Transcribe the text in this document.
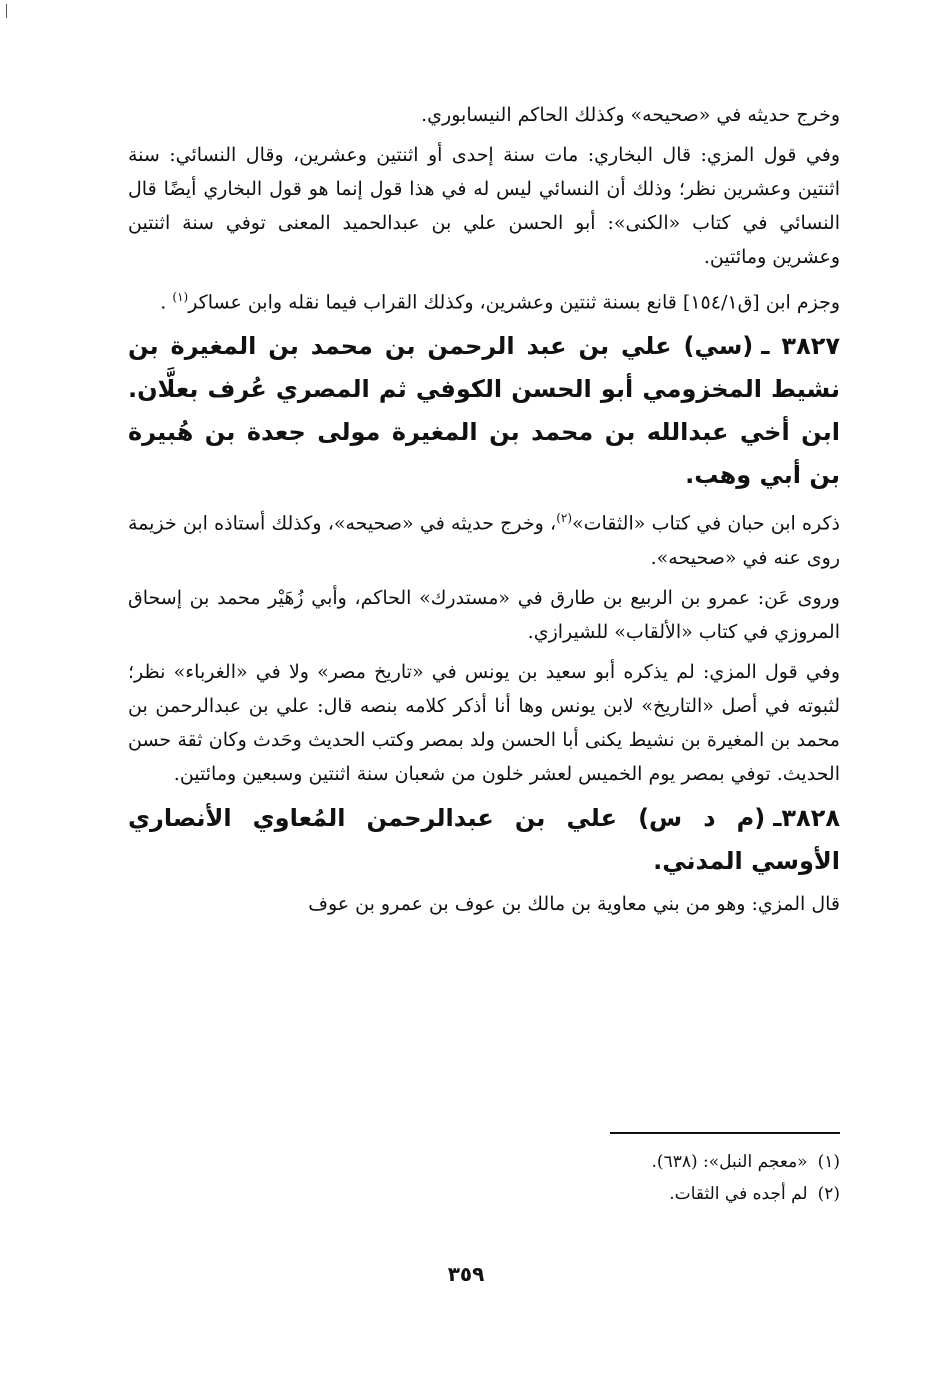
وخرج حديثه في «صحيحه» وكذلك الحاكم النيسابوري.

وفي قول المزي: قال البخاري: مات سنة إحدى أو اثنتين وعشرين، وقال النسائي: سنة اثنتين وعشرين نظر؛ وذلك أن النسائي ليس له في هذا قول إنما هو قول البخاري أيضًا قال النسائي في كتاب «الكنى»: أبو الحسن علي بن عبدالحميد المعنى توفي سنة اثنتين وعشرين ومائتين.

وجزم ابن [ق١٥٤/١] قانع بسنة ثنتين وعشرين، وكذلك القراب فيما نقله وابن عساكر$^{(١)}$ .

٣٨٢٧ ـ(سي) علي بن عبد الرحمن بن محمد بن المغيرة بن نشيط المخزومي أبو الحسن الكوفي ثم المصري عُرف بعلَّان. ابن أخي عبدالله بن محمد بن المغيرة مولى جعدة بن هُبيرة بن أبي وهب.

ذكره ابن حبان في كتاب «الثقات»$^{(٢)}$، وخرج حديثه في «صحيحه»، وكذلك أستاذه ابن خزيمة روى عنه في «صحيحه».

وروى عَن: عمرو بن الربيع بن طارق في «مستدرك» الحاكم، وأبي زُهَيْر محمد بن إسحاق المروزي في كتاب «الألقاب» للشيرازي.

وفي قول المزي: لم يذكره أبو سعيد بن يونس في «تاريخ مصر» ولا في «الغرباء» نظر؛ لثبوته في أصل «التاريخ» لابن يونس وها أنا أذكر كلامه بنصه قال: علي بن عبدالرحمن بن محمد بن المغيرة بن نشيط يكنى أبا الحسن ولد بمصر وكتب الحديث وحَدث وكان ثقة حسن الحديث. توفي بمصر يوم الخميس لعشر خلون من شعبان سنة اثنتين وسبعين ومائتين.

٣٨٢٨ـ(م د س) علي بن عبدالرحمن المُعاوي الأنصاري الأوسي المدني.

قال المزي: وهو من بني معاوية بن مالك بن عوف بن عمرو بن عوف

(١)«معجم النبل»: (٦٣٨).
(٢)لم أجده في الثقات.
٣٥٩
